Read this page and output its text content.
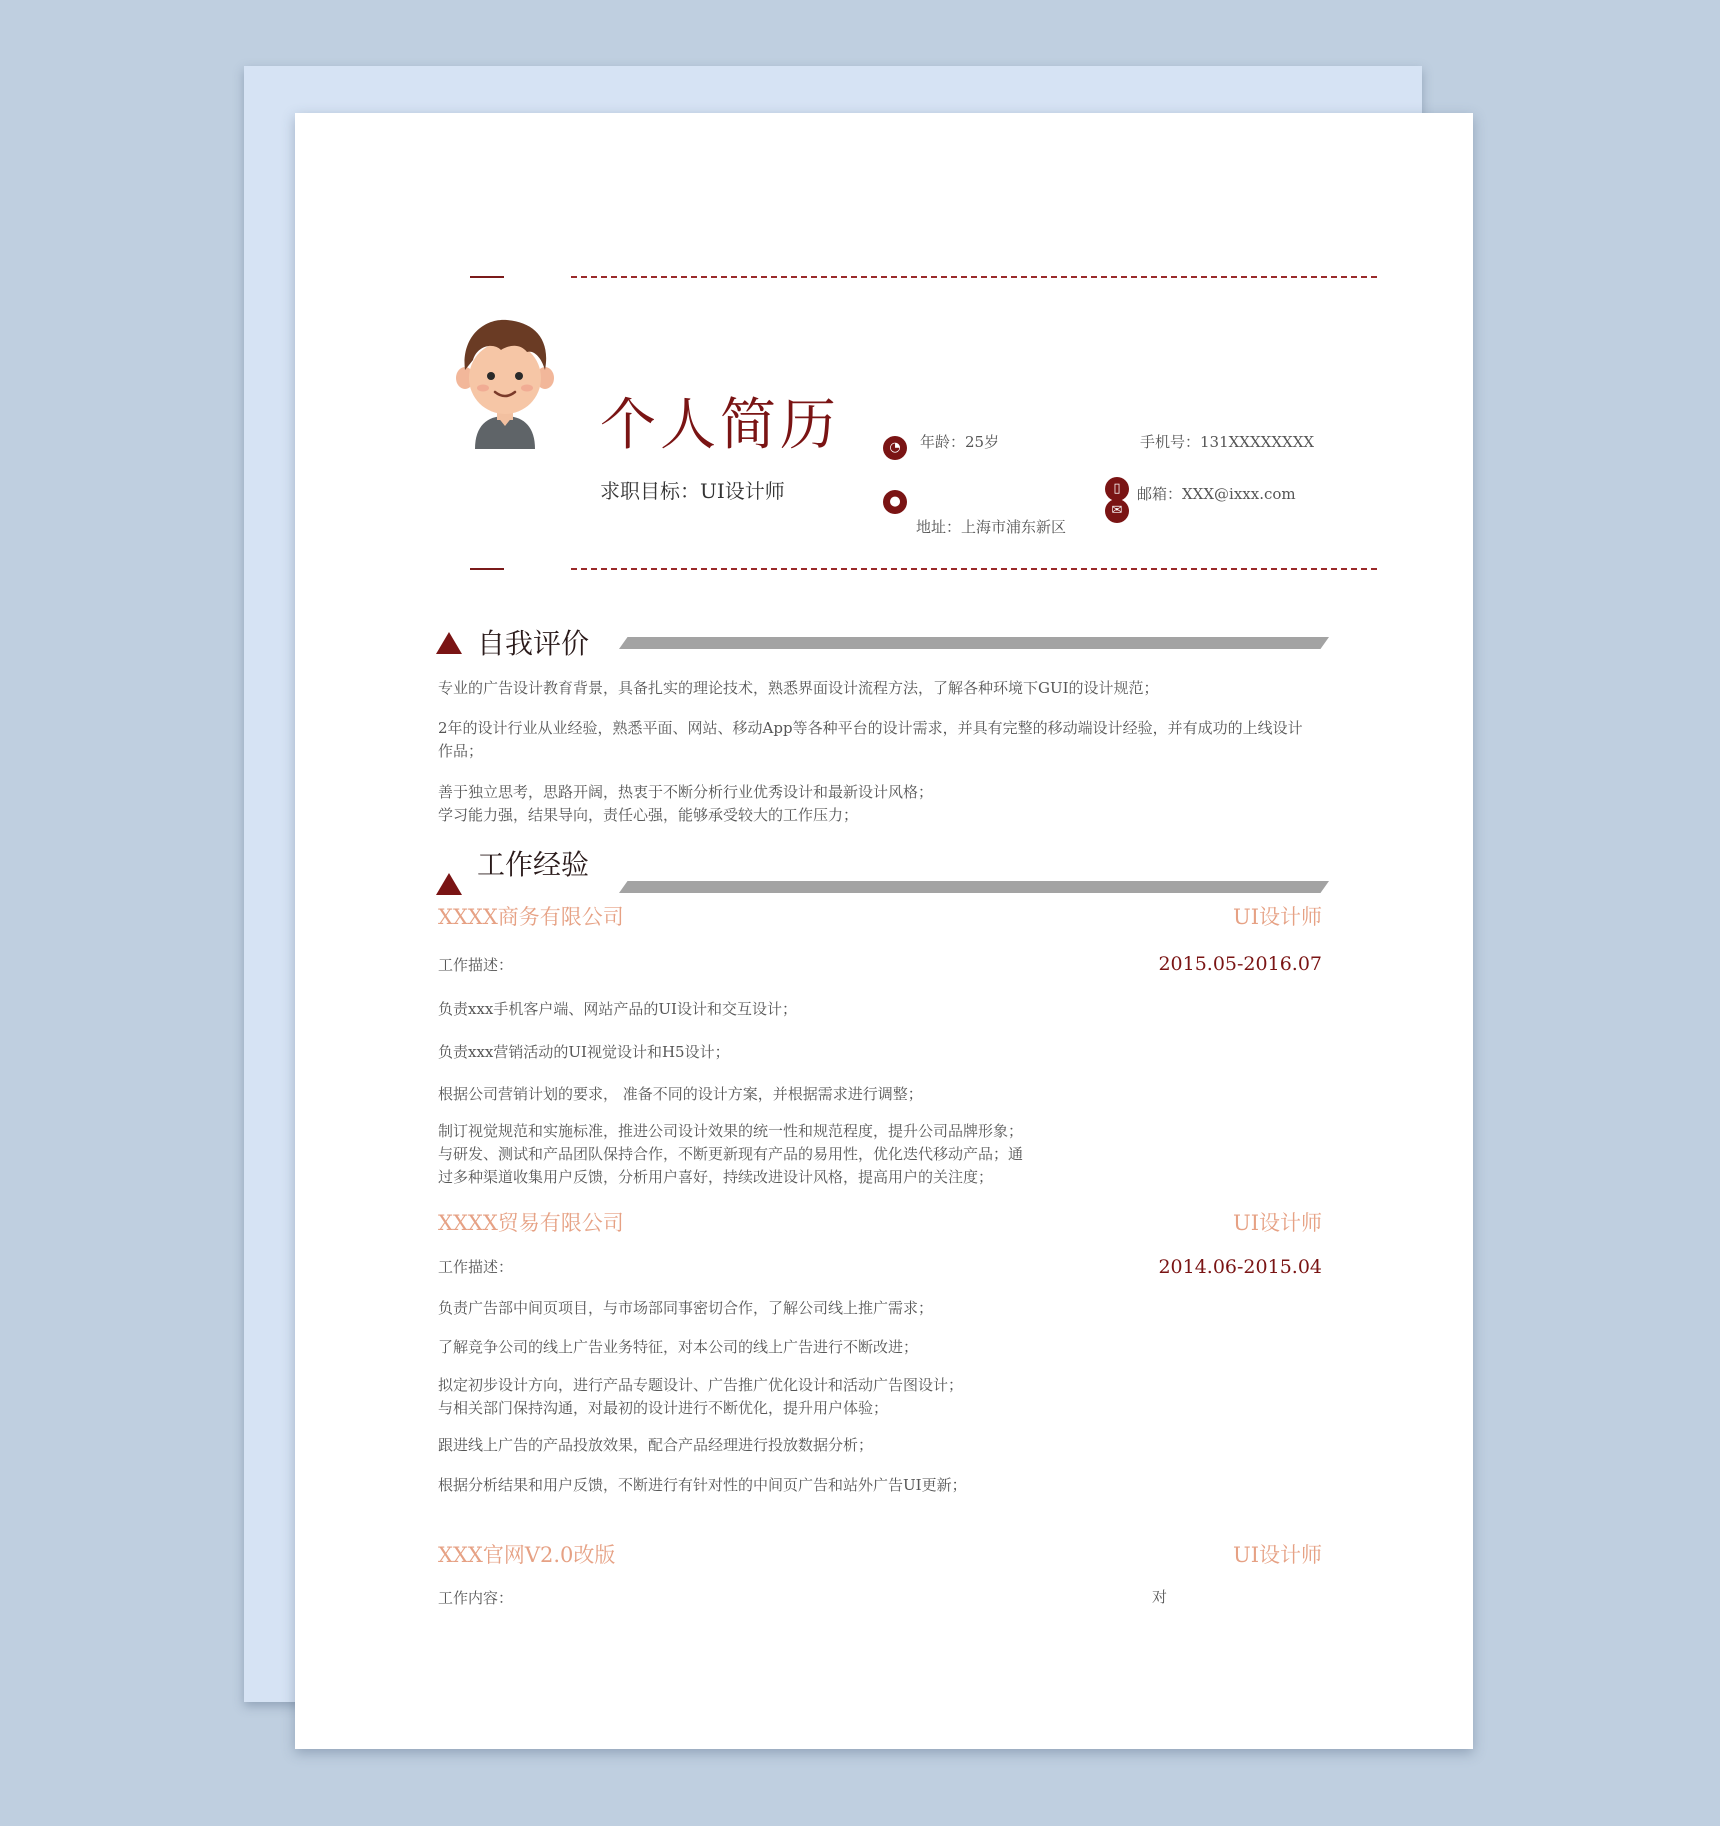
个人简历
求职目标：UI设计师
◔	年龄：25岁	手机号：131XXXXXXXX
●
地址：上海市浦东新区
▯
✉
邮箱：XXX@ixxx.com
自我评价
专业的广告设计教育背景，具备扎实的理论技术，熟悉界面设计流程方法，了解各种环境下GUI的设计规范；
2年的设计行业从业经验，熟悉平面、网站、移动App等各种平台的设计需求，并具有完整的移动端设计经验，并有成功的上线设计
作品；
善于独立思考，思路开阔，热衷于不断分析行业优秀设计和最新设计风格；
学习能力强，结果导向，责任心强，能够承受较大的工作压力；
工作经验
XXXX商务有限公司	UI设计师
工作描述：	2015.05-2016.07
负责xxx手机客户端、网站产品的UI设计和交互设计；
负责xxx营销活动的UI视觉设计和H5设计；
根据公司营销计划的要求， 准备不同的设计方案，并根据需求进行调整；
制订视觉规范和实施标准，推进公司设计效果的统一性和规范程度，提升公司品牌形象；
与研发、测试和产品团队保持合作，不断更新现有产品的易用性，优化迭代移动产品；通
过多种渠道收集用户反馈，分析用户喜好，持续改进设计风格，提高用户的关注度；
XXXX贸易有限公司	UI设计师
工作描述：	2014.06-2015.04
负责广告部中间页项目，与市场部同事密切合作，了解公司线上推广需求；
了解竞争公司的线上广告业务特征，对本公司的线上广告进行不断改进；
拟定初步设计方向，进行产品专题设计、广告推广优化设计和活动广告图设计；
与相关部门保持沟通，对最初的设计进行不断优化，提升用户体验；
跟进线上广告的产品投放效果，配合产品经理进行投放数据分析；
根据分析结果和用户反馈，不断进行有针对性的中间页广告和站外广告UI更新；
XXX官网V2.0改版	UI设计师
工作内容：	对
